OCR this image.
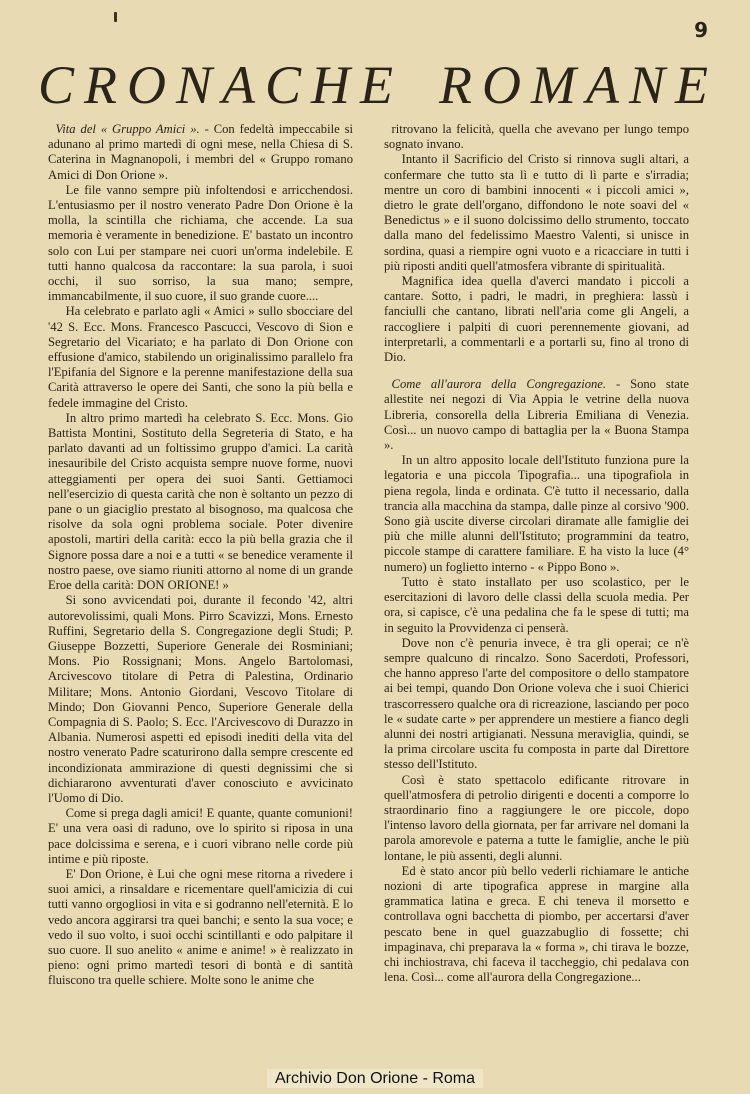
9
CRONACHE ROMANE

Vita del « Gruppo Amici ». - Con fedeltà impeccabile si adunano al primo martedì di ogni mese, nella Chiesa di S. Caterina in Magnanopoli, i membri del « Gruppo romano Amici di Don Orione ».

Le file vanno sempre più infoltendosi e arricchendosi. L'entusiasmo per il nostro venerato Padre Don Orione è la molla, la scintilla che richiama, che accende. La sua memoria è veramente in benedizione. E' bastato un incontro solo con Lui per stampare nei cuori un'orma indelebile. E tutti hanno qualcosa da raccontare: la sua parola, i suoi occhi, il suo sorriso, la sua mano; sempre, immancabilmente, il suo cuore, il suo grande cuore....

Ha celebrato e parlato agli « Amici » sullo sbocciare del '42 S. Ecc. Mons. Francesco Pascucci, Vescovo di Sion e Segretario del Vicariato; e ha parlato di Don Orione con effusione d'amico, stabilendo un originalissimo parallelo fra l'Epifania del Signore e la perenne manifestazione della sua Carità attraverso le opere dei Santi, che sono la più bella e fedele immagine del Cristo.

In altro primo martedì ha celebrato S. Ecc. Mons. Gio Battista Montini, Sostituto della Segreteria di Stato, e ha parlato davanti ad un foltissimo gruppo d'amici. La carità inesauribile del Cristo acquista sempre nuove forme, nuovi atteggiamenti per opera dei suoi Santi. Gettiamoci nell'esercizio di questa carità che non è soltanto un pezzo di pane o un giaciglio prestato al bisognoso, ma qualcosa che risolve da sola ogni problema sociale. Poter divenire apostoli, martiri della carità: ecco la più bella grazia che il Signore possa dare a noi e a tutti « se benedice veramente il nostro paese, ove siamo riuniti attorno al nome di un grande Eroe della carità: DON ORIONE! »

Si sono avvicendati poi, durante il fecondo '42, altri autorevolissimi, quali Mons. Pirro Scavizzi, Mons. Ernesto Ruffini, Segretario della S. Congregazione degli Studi; P. Giuseppe Bozzetti, Superiore Generale dei Rosminiani; Mons. Pio Rossignani; Mons. Angelo Bartolomasi, Arcivescovo titolare di Petra di Palestina, Ordinario Militare; Mons. Antonio Giordani, Vescovo Titolare di Mindo; Don Giovanni Penco, Superiore Generale della Compagnia di S. Paolo; S. Ecc. l'Arcivescovo di Durazzo in Albania. Numerosi aspetti ed episodi inediti della vita del nostro venerato Padre scaturirono dalla sempre crescente ed incondizionata ammirazione di questi degnissimi che si dichiararono avventurati d'aver conosciuto e avvicinato l'Uomo di Dio.

Come si prega dagli amici! E quante, quante comunioni! E' una vera oasi di raduno, ove lo spirito si riposa in una pace dolcissima e serena, e i cuori vibrano nelle corde più intime e più riposte.

E' Don Orione, è Lui che ogni mese ritorna a rivedere i suoi amici, a rinsaldare e ricementare quell'amicizia di cui tutti vanno orgogliosi in vita e si godranno nell'eternità. E lo vedo ancora aggirarsi tra quei banchi; e sento la sua voce; e vedo il suo volto, i suoi occhi scintillanti e odo palpitare il suo cuore. Il suo anelito « anime e anime! » è realizzato in pieno: ogni primo martedì tesori di bontà e di santità fluiscono tra quelle schiere. Molte sono le anime che

ritrovano la felicità, quella che avevano per lungo tempo sognato invano.

Intanto il Sacrificio del Cristo si rinnova sugli altari, a confermare che tutto sta lì e tutto di lì parte e s'irradia; mentre un coro di bambini innocenti « i piccoli amici », dietro le grate dell'organo, diffondono le note soavi del « Benedictus » e il suono dolcissimo dello strumento, toccato dalla mano del fedelissimo Maestro Valenti, si unisce in sordina, quasi a riempire ogni vuoto e a ricacciare in tutti i più riposti anditi quell'atmosfera vibrante di spiritualità.

Magnifica idea quella d'averci mandato i piccoli a cantare. Sotto, i padri, le madri, in preghiera: lassù i fanciulli che cantano, librati nell'aria come gli Angeli, a raccogliere i palpiti di cuori perennemente giovani, ad interpretarli, a commentarli e a portarli su, fino al trono di Dio.

Come all'aurora della Congregazione. - Sono state allestite nei negozi di Via Appia le vetrine della nuova Libreria, consorella della Libreria Emiliana di Venezia. Così... un nuovo campo di battaglia per la « Buona Stampa ».

In un altro apposito locale dell'Istituto funziona pure la legatoria e una piccola Tipografia... una tipografiola in piena regola, linda e ordinata. C'è tutto il necessario, dalla trancia alla macchina da stampa, dalle pinze al corsivo '900. Sono già uscite diverse circolari diramate alle famiglie dei più che mille alunni dell'Istituto; programmini da teatro, piccole stampe di carattere familiare. E ha visto la luce (4° numero) un foglietto interno - « Pippo Bono ».

Tutto è stato installato per uso scolastico, per le esercitazioni di lavoro delle classi della scuola media. Per ora, si capisce, c'è una pedalina che fa le spese di tutti; ma in seguito la Provvidenza ci penserà.

Dove non c'è penuria invece, è tra gli operai; ce n'è sempre qualcuno di rincalzo. Sono Sacerdoti, Professori, che hanno appreso l'arte del compositore o dello stampatore ai bei tempi, quando Don Orione voleva che i suoi Chierici trascorressero qualche ora di ricreazione, lasciando per poco le « sudate carte » per apprendere un mestiere a fianco degli alunni dei nostri artigianati. Nessuna meraviglia, quindi, se la prima circolare uscita fu composta in parte dal Direttore stesso dell'Istituto.

Così è stato spettacolo edificante ritrovare in quell'atmosfera di petrolio dirigenti e docenti a comporre lo straordinario fino a raggiungere le ore piccole, dopo l'intenso lavoro della giornata, per far arrivare nel domani la parola amorevole e paterna a tutte le famiglie, anche le più lontane, le più assenti, degli alunni.

Ed è stato ancor più bello vederli richiamare le antiche nozioni di arte tipografica apprese in margine alla grammatica latina e greca. E chi teneva il morsetto e controllava ogni bacchetta di piombo, per accertarsi d'aver pescato bene in quel guazzabuglio di fossette; chi impaginava, chi preparava la « forma », chi tirava le bozze, chi inchiostrava, chi faceva il taccheggio, chi pedalava con lena. Così... come all'aurora della Congregazione...

Archivio Don Orione - Roma
